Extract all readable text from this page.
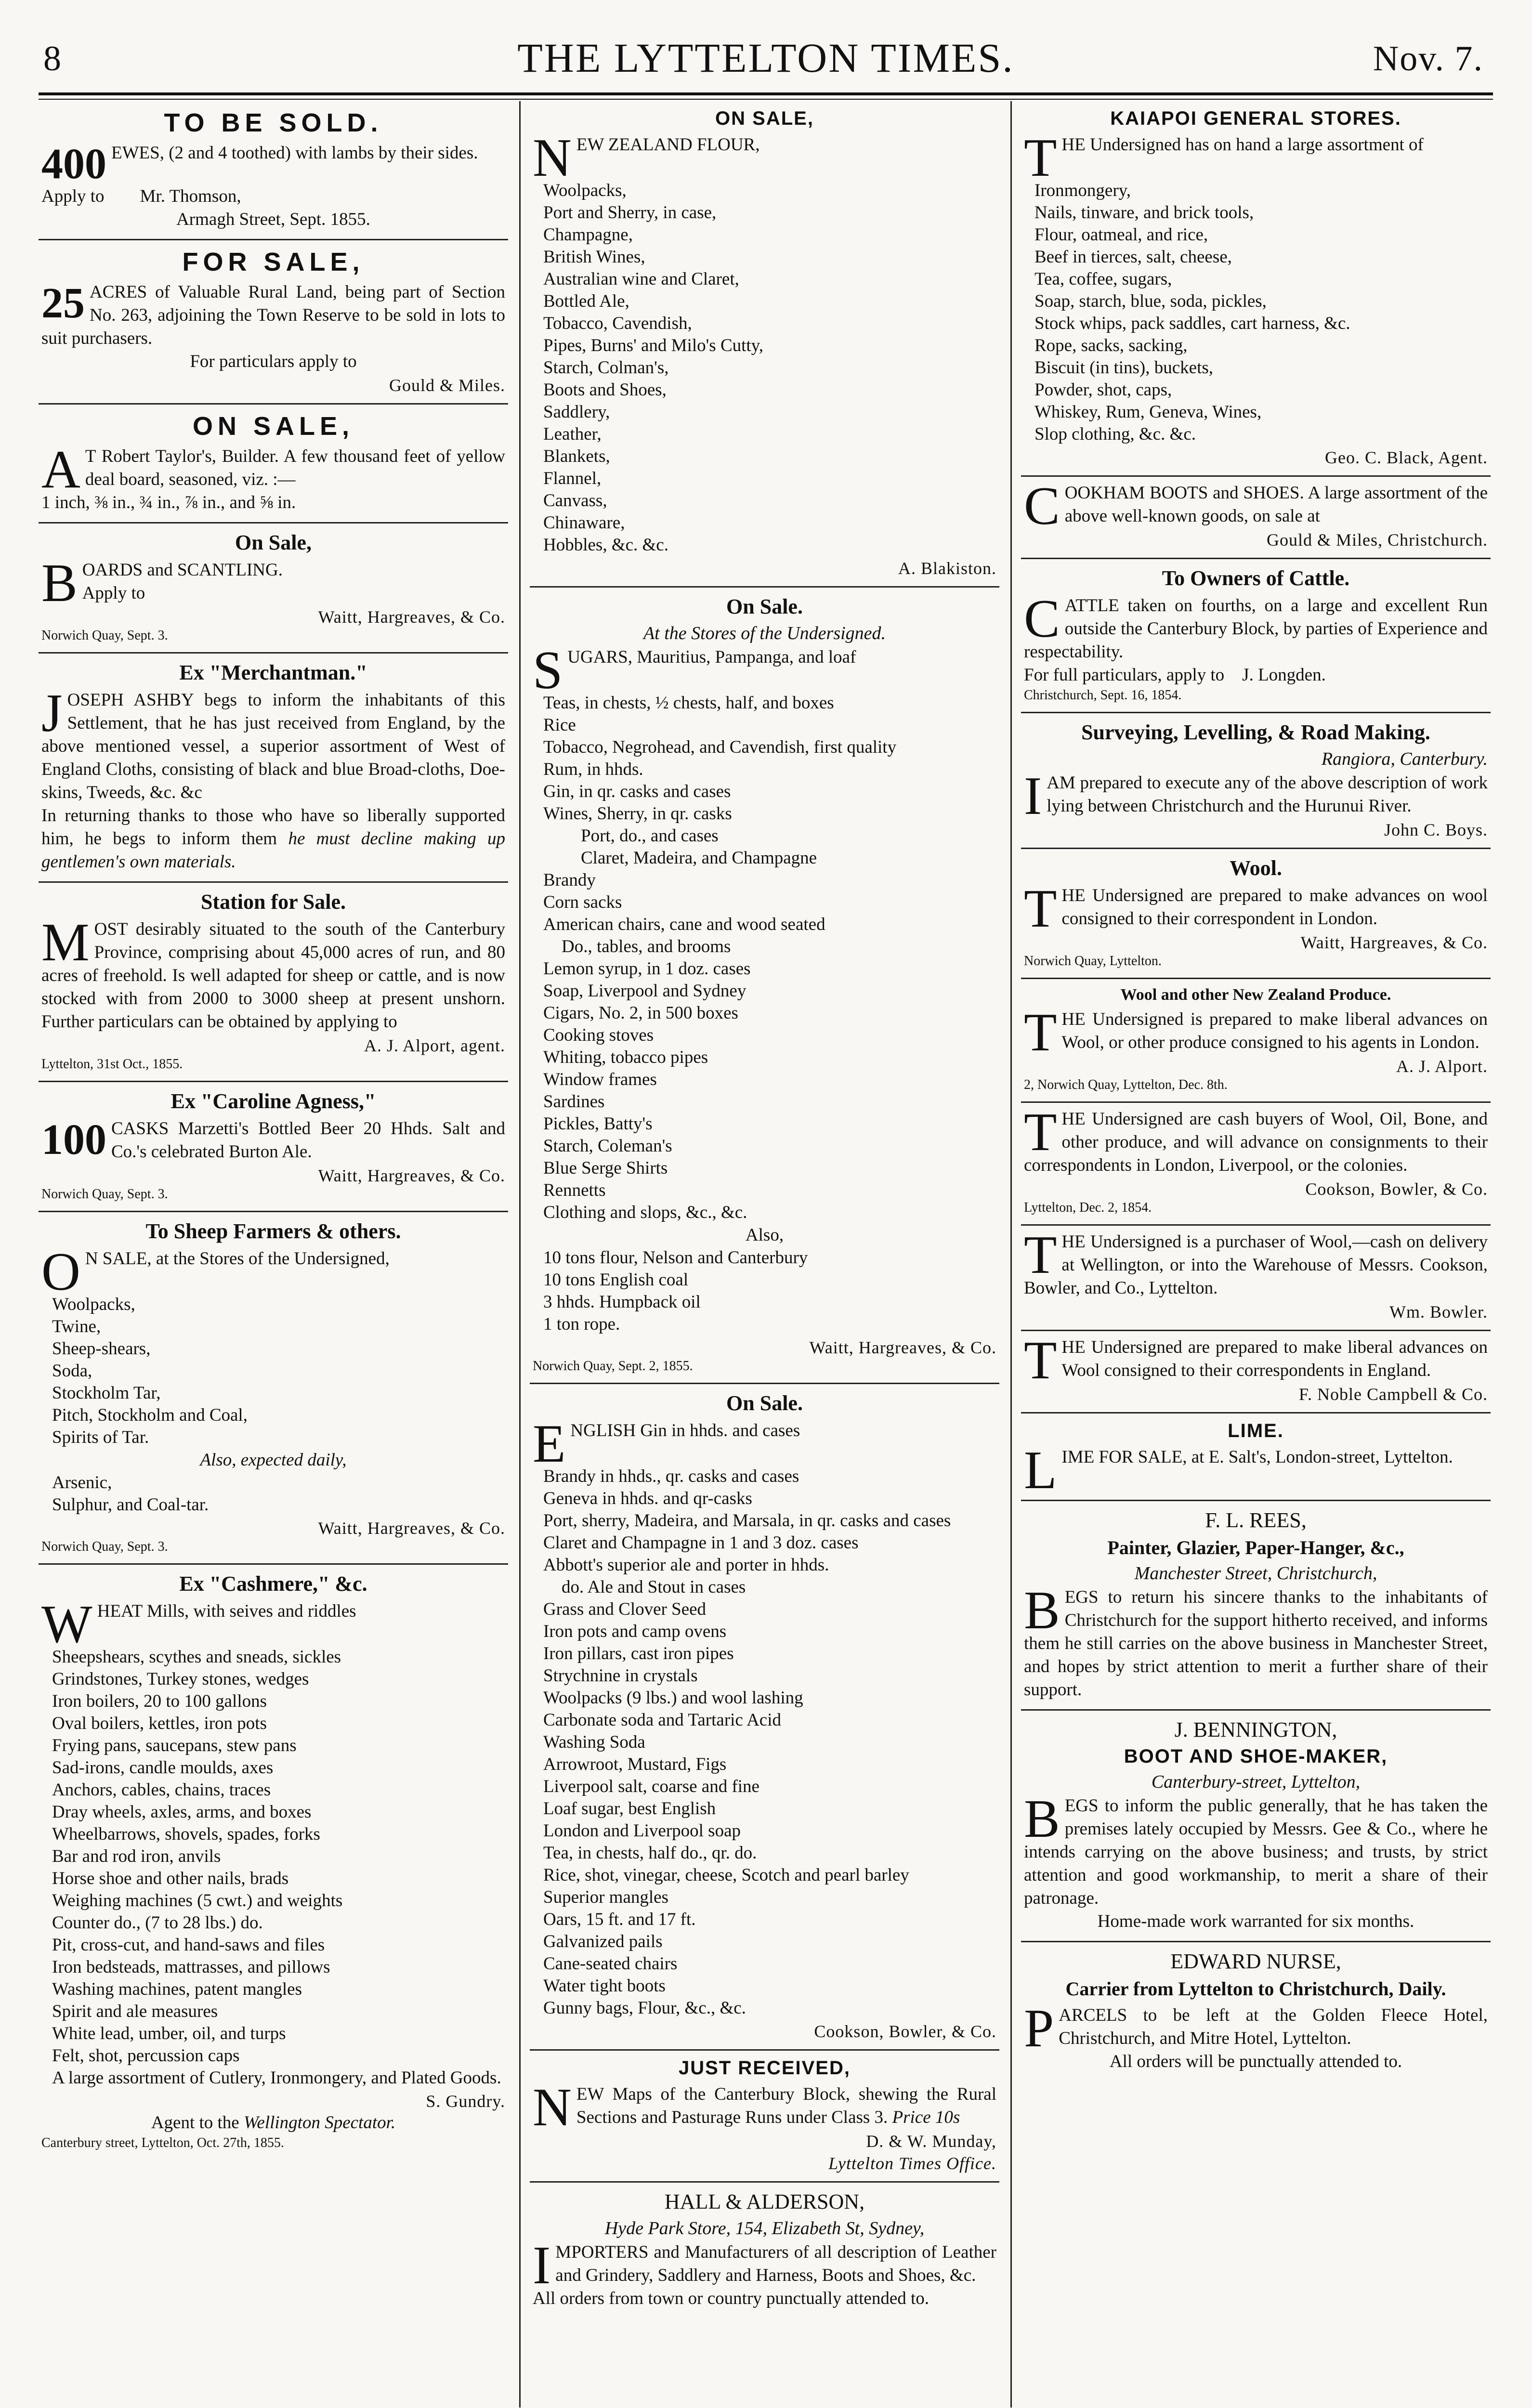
8	THE LYTTELTON TIMES.	Nov. 7.
TO BE SOLD.
400 EWES, (2 and 4 toothed) with lambs by their sides.
Apply to Mr. Thomson,
Armagh Street, Sept. 1855.
FOR SALE,
25 ACRES of Valuable Rural Land, being part of Section No. 263, adjoining the Town Reserve to be sold in lots to suit purchasers.
For particulars apply to
Gould & Miles.
ON SALE,
A T Robert Taylor's, Builder. A few thousand feet of yellow deal board, seasoned, viz. :—
1 inch, ⅜ in., ¾ in., ⅞ in., and ⅝ in.
On Sale,
BOARDS and SCANTLING.
Apply to
Waitt, Hargreaves, & Co.
Norwich Quay, Sept. 3.
Ex "Merchantman."
JOSEPH ASHBY begs to inform the inhabitants of this Settlement, that he has just received from England, by the above mentioned vessel, a superior assortment of West of England Cloths, consisting of black and blue Broad-cloths, Doe-skins, Tweeds, &c. &c
In returning thanks to those who have so liberally supported him, he begs to inform them he must decline making up gentlemen's own materials.
Station for Sale.
MOST desirably situated to the south of the Canterbury Province, comprising about 45,000 acres of run, and 80 acres of freehold. Is well adapted for sheep or cattle, and is now stocked with from 2000 to 3000 sheep at present unshorn. Further particulars can be obtained by applying to
A. J. Alport, agent.
Lyttelton, 31st Oct., 1855.
Ex "Caroline Agness,"
100 CASKS Marzetti's Bottled Beer 20 Hhds. Salt and Co.'s celebrated Burton Ale.
Waitt, Hargreaves, & Co.
Norwich Quay, Sept. 3.
To Sheep Farmers & others.
O N SALE, at the Stores of the Undersigned,
Woolpacks,
Twine,
Sheep-shears,
Soda,
Stockholm Tar,
Pitch, Stockholm and Coal,
Spirits of Tar.
Also, expected daily,
Arsenic,
Sulphur, and Coal-tar.
Waitt, Hargreaves, & Co.
Norwich Quay, Sept. 3.
Ex "Cashmere," &c.
WHEAT Mills, with seives and riddles
Sheepshears, scythes and sneads, sickles
Grindstones, Turkey stones, wedges
Iron boilers, 20 to 100 gallons
Oval boilers, kettles, iron pots
Frying pans, saucepans, stew pans
Sad-irons, candle moulds, axes
Anchors, cables, chains, traces
Dray wheels, axles, arms, and boxes
Wheelbarrows, shovels, spades, forks
Bar and rod iron, anvils
Horse shoe and other nails, brads
Weighing machines (5 cwt.) and weights
Counter do., (7 to 28 lbs.) do.
Pit, cross-cut, and hand-saws and files
Iron bedsteads, mattrasses, and pillows
Washing machines, patent mangles
Spirit and ale measures
White lead, umber, oil, and turps
Felt, shot, percussion caps
A large assortment of Cutlery, Ironmongery, and Plated Goods.
S. Gundry.
Agent to the Wellington Spectator.
Canterbury street, Lyttelton, Oct. 27th, 1855.
ON SALE,
NEW ZEALAND FLOUR,
Woolpacks,
Port and Sherry, in case,
Champagne,
British Wines,
Australian wine and Claret,
Bottled Ale,
Tobacco, Cavendish,
Pipes, Burns' and Milo's Cutty,
Starch, Colman's,
Boots and Shoes,
Saddlery,
Leather,
Blankets,
Flannel,
Canvass,
Chinaware,
Hobbles, &c. &c.
A. Blakiston.
On Sale.
At the Stores of the Undersigned.
SUGARS, Mauritius, Pampanga, and loaf
Teas, in chests, ½ chests, half, and boxes
Rice
Tobacco, Negrohead, and Cavendish, first quality
Rum, in hhds.
Gin, in qr. casks and cases
Wines, Sherry, in qr. casks
Port, do., and cases
Claret, Madeira, and Champagne
Brandy
Corn sacks
American chairs, cane and wood seated
Do., tables, and brooms
Lemon syrup, in 1 doz. cases
Soap, Liverpool and Sydney
Cigars, No. 2, in 500 boxes
Cooking stoves
Whiting, tobacco pipes
Window frames
Sardines
Pickles, Batty's
Starch, Coleman's
Blue Serge Shirts
Rennetts
Clothing and slops, &c., &c.
Also,
10 tons flour, Nelson and Canterbury
10 tons English coal
3 hhds. Humpback oil
1 ton rope.
Waitt, Hargreaves, & Co.
Norwich Quay, Sept. 2, 1855.
On Sale.
ENGLISH Gin in hhds. and cases
Brandy in hhds., qr. casks and cases
Geneva in hhds. and qr-casks
Port, sherry, Madeira, and Marsala, in qr. casks and cases
Claret and Champagne in 1 and 3 doz. cases
Abbott's superior ale and porter in hhds.
do. Ale and Stout in cases
Grass and Clover Seed
Iron pots and camp ovens
Iron pillars, cast iron pipes
Strychnine in crystals
Woolpacks (9 lbs.) and wool lashing
Carbonate soda and Tartaric Acid
Washing Soda
Arrowroot, Mustard, Figs
Liverpool salt, coarse and fine
Loaf sugar, best English
London and Liverpool soap
Tea, in chests, half do., qr. do.
Rice, shot, vinegar, cheese, Scotch and pearl barley
Superior mangles
Oars, 15 ft. and 17 ft.
Galvanized pails
Cane-seated chairs
Water tight boots
Gunny bags, Flour, &c., &c.
Cookson, Bowler, & Co.
JUST RECEIVED,
NEW Maps of the Canterbury Block, shewing the Rural Sections and Pasturage Runs under Class 3. Price 10s
D. & W. Munday,
Lyttelton Times Office.
HALL & ALDERSON,
Hyde Park Store, 154, Elizabeth St, Sydney,
IMPORTERS and Manufacturers of all description of Leather and Grindery, Saddlery and Harness, Boots and Shoes, &c.
All orders from town or country punctually attended to.
KAIAPOI GENERAL STORES.
THE Undersigned has on hand a large assortment of
Ironmongery,
Nails, tinware, and brick tools,
Flour, oatmeal, and rice,
Beef in tierces, salt, cheese,
Tea, coffee, sugars,
Soap, starch, blue, soda, pickles,
Stock whips, pack saddles, cart harness, &c.
Rope, sacks, sacking,
Biscuit (in tins), buckets,
Powder, shot, caps,
Whiskey, Rum, Geneva, Wines,
Slop clothing, &c. &c.
Geo. C. Black, Agent.
COOKHAM BOOTS and SHOES. A large assortment of the above well-known goods, on sale at
Gould & Miles, Christchurch.
To Owners of Cattle.
CATTLE taken on fourths, on a large and excellent Run outside the Canterbury Block, by parties of Experience and respectability.
For full particulars, apply to J. Longden.
Christchurch, Sept. 16, 1854.
Surveying, Levelling, & Road Making.
Rangiora, Canterbury.
IAM prepared to execute any of the above description of work lying between Christchurch and the Hurunui River.
John C. Boys.
Wool.
THE Undersigned are prepared to make advances on wool consigned to their correspondent in London.
Waitt, Hargreaves, & Co.
Norwich Quay, Lyttelton.
Wool and other New Zealand Produce.
THE Undersigned is prepared to make liberal advances on Wool, or other produce consigned to his agents in London.
A. J. Alport.
2, Norwich Quay, Lyttelton, Dec. 8th.
THE Undersigned are cash buyers of Wool, Oil, Bone, and other produce, and will advance on consignments to their correspondents in London, Liverpool, or the colonies.
Cookson, Bowler, & Co.
Lyttelton, Dec. 2, 1854.
THE Undersigned is a purchaser of Wool,—cash on delivery at Wellington, or into the Warehouse of Messrs. Cookson, Bowler, and Co., Lyttelton.
Wm. Bowler.
THE Undersigned are prepared to make liberal advances on Wool consigned to their correspondents in England.
F. Noble Campbell & Co.
LIME.
LIME FOR SALE, at E. Salt's, London-street, Lyttelton.
F. L. REES,
Painter, Glazier, Paper-Hanger, &c.,
Manchester Street, Christchurch,
BEGS to return his sincere thanks to the inhabitants of Christchurch for the support hitherto received, and informs them he still carries on the above business in Manchester Street, and hopes by strict attention to merit a further share of their support.
J. BENNINGTON,
BOOT AND SHOE-MAKER,
Canterbury-street, Lyttelton,
BEGS to inform the public generally, that he has taken the premises lately occupied by Messrs. Gee & Co., where he intends carrying on the above business; and trusts, by strict attention and good workmanship, to merit a share of their patronage.
Home-made work warranted for six months.
EDWARD NURSE,
Carrier from Lyttelton to Christchurch, Daily.
PARCELS to be left at the Golden Fleece Hotel, Christchurch, and Mitre Hotel, Lyttelton.
All orders will be punctually attended to.
